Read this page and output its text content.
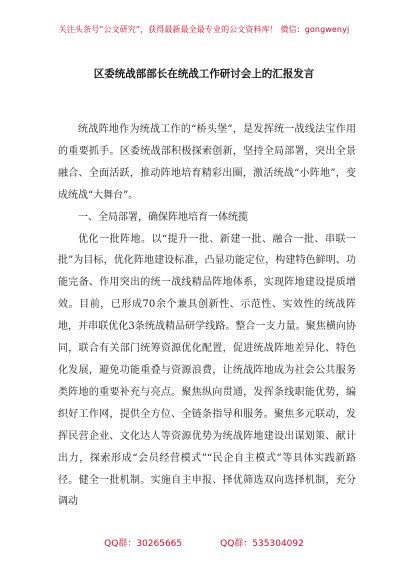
关注头条号“公文研究”，获得最新最全最专业的公文资料库！ 微信：gongwenyj
区委统战部部长在统战工作研讨会上的汇报发言

统战阵地作为统战工作的“桥头堡”，是发挥统一战线法宝作用的重要抓手。区委统战部积极探索创新，坚持全局部署，突出全景融合、全面活跃，推动阵地培育精彩出圈，激活统战“小阵地”，变成统战“大舞台”。

一、全局部署，确保阵地培育一体统揽

优化一批阵地。以“提升一批、新建一批、融合一批、串联一批”为目标，优化阵地建设标准，凸显功能定位，构建特色鲜明、功能完备、作用突出的统一战线精品阵地体系，实现阵地建设提质增效。目前，已形成70余个兼具创新性、示范性、实效性的统战阵地，并串联优化3条统战精品研学线路。整合一支力量。聚焦横向协同，联合有关部门统筹资源优化配置，促进统战阵地差异化、特色化发展，避免功能重叠与资源浪费，让统战阵地成为社会公共服务类阵地的重要补充与亮点。聚焦纵向贯通，发挥条线职能优势，编织好工作网，提供全方位、全链条指导和服务。聚焦多元联动，发挥民营企业、文化达人等资源优势为统战阵地建设出谋划策、献计出力，探索形成“会员经营模式”“民企自主模式”等具体实践新路径。健全一批机制。实施自主申报、择优筛选双向选择机制，充分调动

QQ群：30265665	QQ群：535304092
